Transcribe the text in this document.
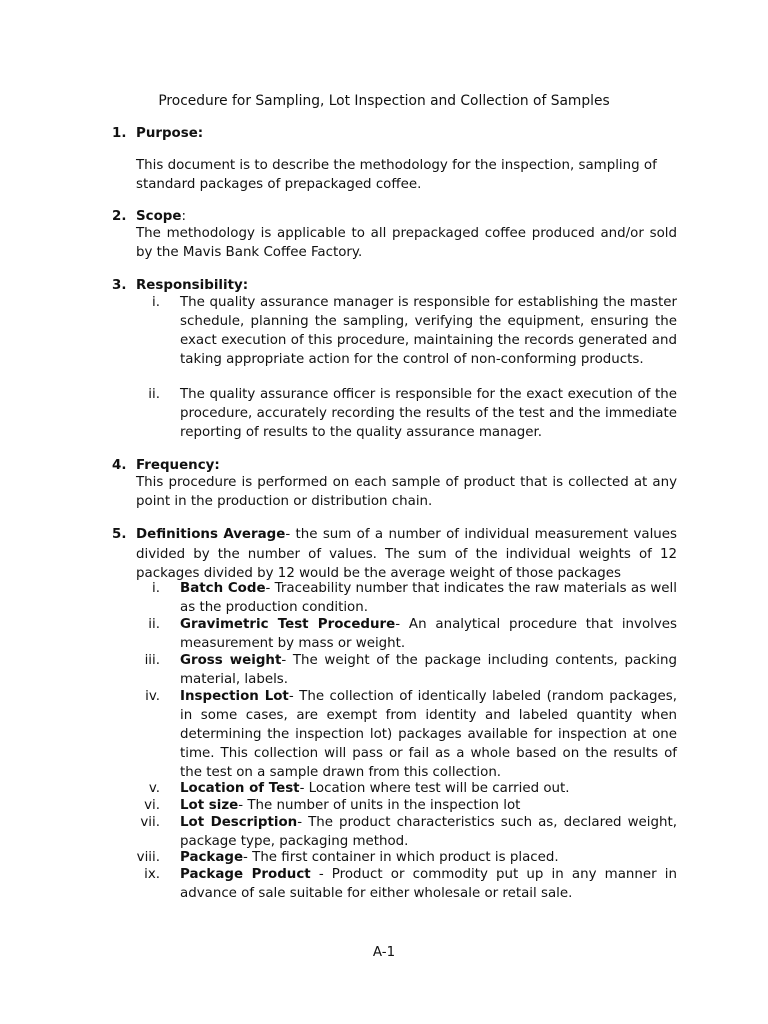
Procedure for Sampling, Lot Inspection and Collection of Samples
1. Purpose:
This document is to describe the methodology for the inspection, sampling of standard packages of prepackaged coffee.
2. Scope:
The methodology is applicable to all prepackaged coffee produced and/or sold by the Mavis Bank Coffee Factory.
3. Responsibility:
i. The quality assurance manager is responsible for establishing the master schedule, planning the sampling, verifying the equipment, ensuring the exact execution of this procedure, maintaining the records generated and taking appropriate action for the control of non-conforming products.
ii. The quality assurance officer is responsible for the exact execution of the procedure, accurately recording the results of the test and the immediate reporting of results to the quality assurance manager.
4. Frequency:
This procedure is performed on each sample of product that is collected at any point in the production or distribution chain.
5. Definitions Average- the sum of a number of individual measurement values divided by the number of values. The sum of the individual weights of 12 packages divided by 12 would be the average weight of those packages
i. Batch Code- Traceability number that indicates the raw materials as well as the production condition.
ii. Gravimetric Test Procedure- An analytical procedure that involves measurement by mass or weight.
iii. Gross weight- The weight of the package including contents, packing material, labels.
iv. Inspection Lot- The collection of identically labeled (random packages, in some cases, are exempt from identity and labeled quantity when determining the inspection lot) packages available for inspection at one time. This collection will pass or fail as a whole based on the results of the test on a sample drawn from this collection.
v. Location of Test- Location where test will be carried out.
vi. Lot size- The number of units in the inspection lot
vii. Lot Description- The product characteristics such as, declared weight, package type, packaging method.
viii. Package- The first container in which product is placed.
ix. Package Product - Product or commodity put up in any manner in advance of sale suitable for either wholesale or retail sale.
A-1
